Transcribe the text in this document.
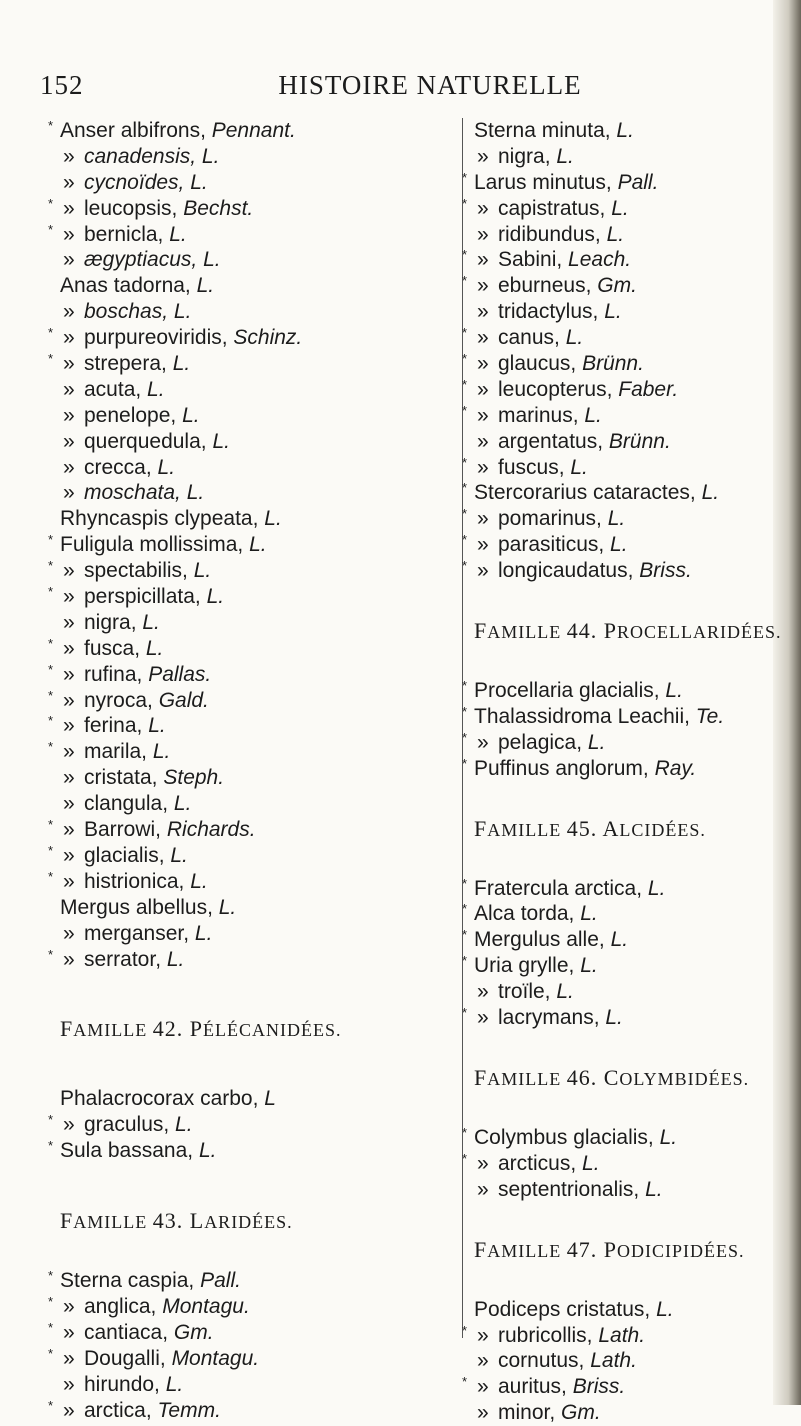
152	HISTOIRE NATURELLE
* Anser albifrons, Pennant.
» canadensis, L.
» cycnoïdes, L.
* » leucopsis, Bechst.
* » bernicla, L.
» ægyptiacus, L.
Anas tadorna, L.
» boschas, L.
* » purpureoviridis, Schinz.
* » strepera, L.
» acuta, L.
» penelope, L.
» querquedula, L.
» crecca, L.
» moschata, L.
Rhyncaspis clypeata, L.
* Fuligula mollissima, L.
* » spectabilis, L.
* » perspicillata, L.
» nigra, L.
* » fusca, L.
* » rufina, Pallas.
* » nyroca, Gald.
* » ferina, L.
* » marila, L.
» cristata, Steph.
» clangula, L.
* » Barrowi, Richards.
* » glacialis, L.
* » histrionica, L.
Mergus albellus, L.
» merganser, L.
* » serrator, L.
FAMILLE 42. PÉLÉCANIDÉES.
Phalacrocorax carbo, L
* » graculus, L.
* Sula bassana, L.
FAMILLE 43. LARIDÉES.
* Sterna caspia, Pall.
* » anglica, Montagu.
* » cantiaca, Gm.
* » Dougalli, Montagu.
» hirundo, L.
* » arctica, Temm.
Sterna minuta, L.
» nigra, L.
* Larus minutus, Pall.
* » capistratus, L.
» ridibundus, L.
* » Sabini, Leach.
* » eburneus, Gm.
» tridactylus, L.
* » canus, L.
* » glaucus, Brünn.
* » leucopterus, Faber.
* » marinus, L.
» argentatus, Brünn.
* » fuscus, L.
* Stercorarius cataractes, L.
* » pomarinus, L.
* » parasiticus, L.
* » longicaudatus, Briss.
FAMILLE 44. PROCELLARIDÉES.
* Procellaria glacialis, L.
* Thalassidroma Leachii, Te.
* » pelagica, L.
* Puffinus anglorum, Ray.
FAMILLE 45. ALCIDÉES.
* Fratercula arctica, L.
* Alca torda, L.
* Mergulus alle, L.
* Uria grylle, L.
» troïle, L.
* » lacrymans, L.
FAMILLE 46. COLYMBIDÉES.
* Colymbus glacialis, L.
* » arcticus, L.
» septentrionalis, L.
FAMILLE 47. PODICIPIDÉES.
Podiceps cristatus, L.
* » rubricollis, Lath.
» cornutus, Lath.
* » auritus, Briss.
» minor, Gm.
